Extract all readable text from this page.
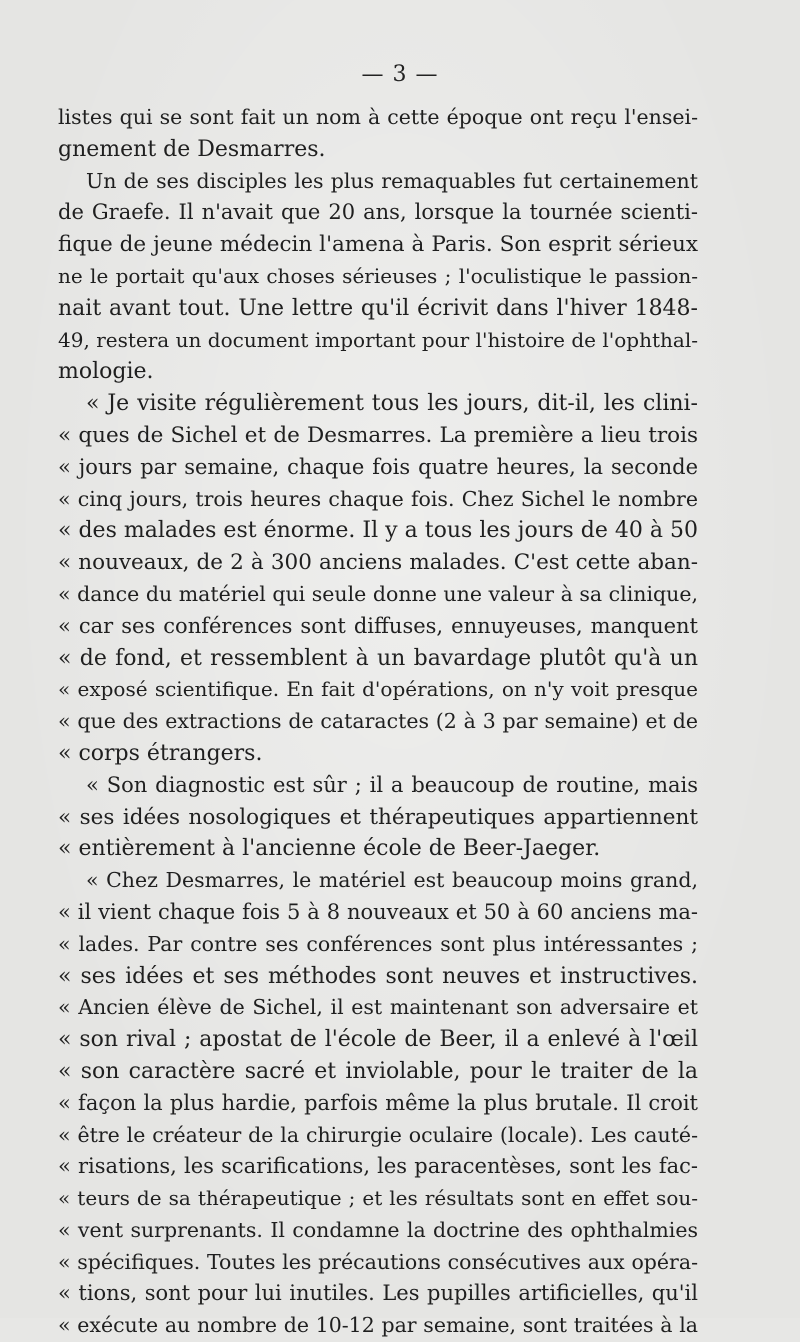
— 3 —
listes qui se sont fait un nom à cette époque ont reçu l'ensei-
gnement de Desmarres.
Un de ses disciples les plus remaquables fut certainement
de Graefe. Il n'avait que 20 ans, lorsque la tournée scienti-
fique de jeune médecin l'amena à Paris. Son esprit sérieux
ne le portait qu'aux choses sérieuses ; l'oculistique le passion-
nait avant tout. Une lettre qu'il écrivit dans l'hiver 1848-
49, restera un document important pour l'histoire de l'ophthal-
mologie.
« Je visite régulièrement tous les jours, dit-il, les clini-
« ques de Sichel et de Desmarres. La première a lieu trois
« jours par semaine, chaque fois quatre heures, la seconde
« cinq jours, trois heures chaque fois. Chez Sichel le nombre
« des malades est énorme. Il y a tous les jours de 40 à 50
« nouveaux, de 2 à 300 anciens malades. C'est cette aban-
« dance du matériel qui seule donne une valeur à sa clinique,
« car ses conférences sont diffuses, ennuyeuses, manquent
« de fond, et ressemblent à un bavardage plutôt qu'à un
« exposé scientifique. En fait d'opérations, on n'y voit presque
« que des extractions de cataractes (2 à 3 par semaine) et de
« corps étrangers.
« Son diagnostic est sûr ; il a beaucoup de routine, mais
« ses idées nosologiques et thérapeutiques appartiennent
« entièrement à l'ancienne école de Beer-Jaeger.
« Chez Desmarres, le matériel est beaucoup moins grand,
« il vient chaque fois 5 à 8 nouveaux et 50 à 60 anciens ma-
« lades. Par contre ses conférences sont plus intéressantes ;
« ses idées et ses méthodes sont neuves et instructives.
« Ancien élève de Sichel, il est maintenant son adversaire et
« son rival ; apostat de l'école de Beer, il a enlevé à l'œil
« son caractère sacré et inviolable, pour le traiter de la
« façon la plus hardie, parfois même la plus brutale. Il croit
« être le créateur de la chirurgie oculaire (locale). Les cauté-
« risations, les scarifications, les paracentèses, sont les fac-
« teurs de sa thérapeutique ; et les résultats sont en effet sou-
« vent surprenants. Il condamne la doctrine des ophthalmies
« spécifiques. Toutes les précautions consécutives aux opéra-
« tions, sont pour lui inutiles. Les pupilles artificielles, qu'il
« exécute au nombre de 10-12 par semaine, sont traitées à la
